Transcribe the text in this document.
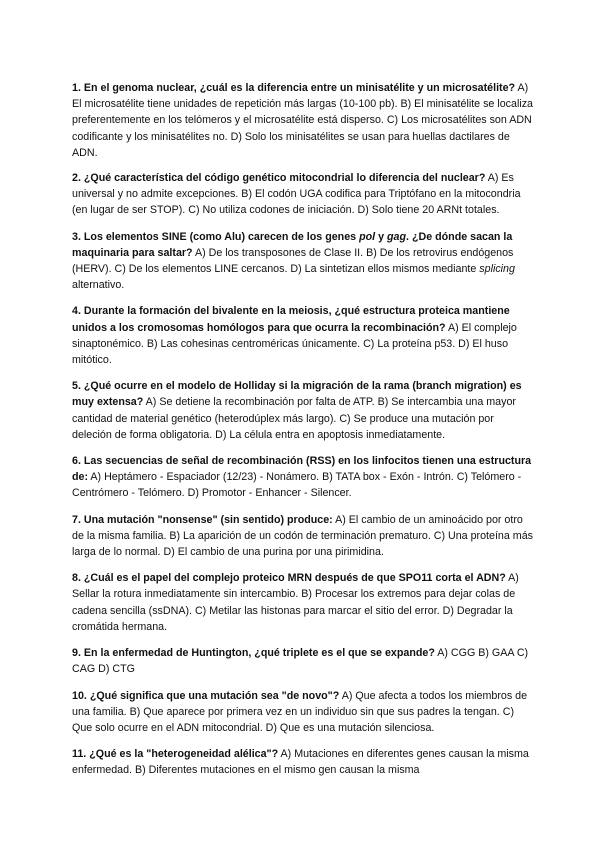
1. En el genoma nuclear, ¿cuál es la diferencia entre un minisatélite y un microsatélite? A) El microsatélite tiene unidades de repetición más largas (10-100 pb). B) El minisatélite se localiza preferentemente en los telómeros y el microsatélite está disperso. C) Los microsatélites son ADN codificante y los minisatélites no. D) Solo los minisatélites se usan para huellas dactilares de ADN.

2. ¿Qué característica del código genético mitocondrial lo diferencia del nuclear? A) Es universal y no admite excepciones. B) El codón UGA codifica para Triptófano en la mitocondria (en lugar de ser STOP). C) No utiliza codones de iniciación. D) Solo tiene 20 ARNt totales.

3. Los elementos SINE (como Alu) carecen de los genes pol y gag. ¿De dónde sacan la maquinaria para saltar? A) De los transposones de Clase II. B) De los retrovirus endógenos (HERV). C) De los elementos LINE cercanos. D) La sintetizan ellos mismos mediante splicing alternativo.

4. Durante la formación del bivalente en la meiosis, ¿qué estructura proteica mantiene unidos a los cromosomas homólogos para que ocurra la recombinación? A) El complejo sinaptonémico. B) Las cohesinas centroméricas únicamente. C) La proteína p53. D) El huso mitótico.

5. ¿Qué ocurre en el modelo de Holliday si la migración de la rama (branch migration) es muy extensa? A) Se detiene la recombinación por falta de ATP. B) Se intercambia una mayor cantidad de material genético (heterodúplex más largo). C) Se produce una mutación por deleción de forma obligatoria. D) La célula entra en apoptosis inmediatamente.

6. Las secuencias de señal de recombinación (RSS) en los linfocitos tienen una estructura de: A) Heptámero - Espaciador (12/23) - Nonámero. B) TATA box - Exón - Intrón. C) Telómero - Centrómero - Telómero. D) Promotor - Enhancer - Silencer.

7. Una mutación "nonsense" (sin sentido) produce: A) El cambio de un aminoácido por otro de la misma familia. B) La aparición de un codón de terminación prematuro. C) Una proteína más larga de lo normal. D) El cambio de una purina por una pirimidina.

8. ¿Cuál es el papel del complejo proteico MRN después de que SPO11 corta el ADN? A) Sellar la rotura inmediatamente sin intercambio. B) Procesar los extremos para dejar colas de cadena sencilla (ssDNA). C) Metilar las histonas para marcar el sitio del error. D) Degradar la cromátida hermana.

9. En la enfermedad de Huntington, ¿qué triplete es el que se expande? A) CGG B) GAA C) CAG D) CTG

10. ¿Qué significa que una mutación sea "de novo"? A) Que afecta a todos los miembros de una familia. B) Que aparece por primera vez en un individuo sin que sus padres la tengan. C) Que solo ocurre en el ADN mitocondrial. D) Que es una mutación silenciosa.

11. ¿Qué es la "heterogeneidad alélica"? A) Mutaciones en diferentes genes causan la misma enfermedad. B) Diferentes mutaciones en el mismo gen causan la misma
